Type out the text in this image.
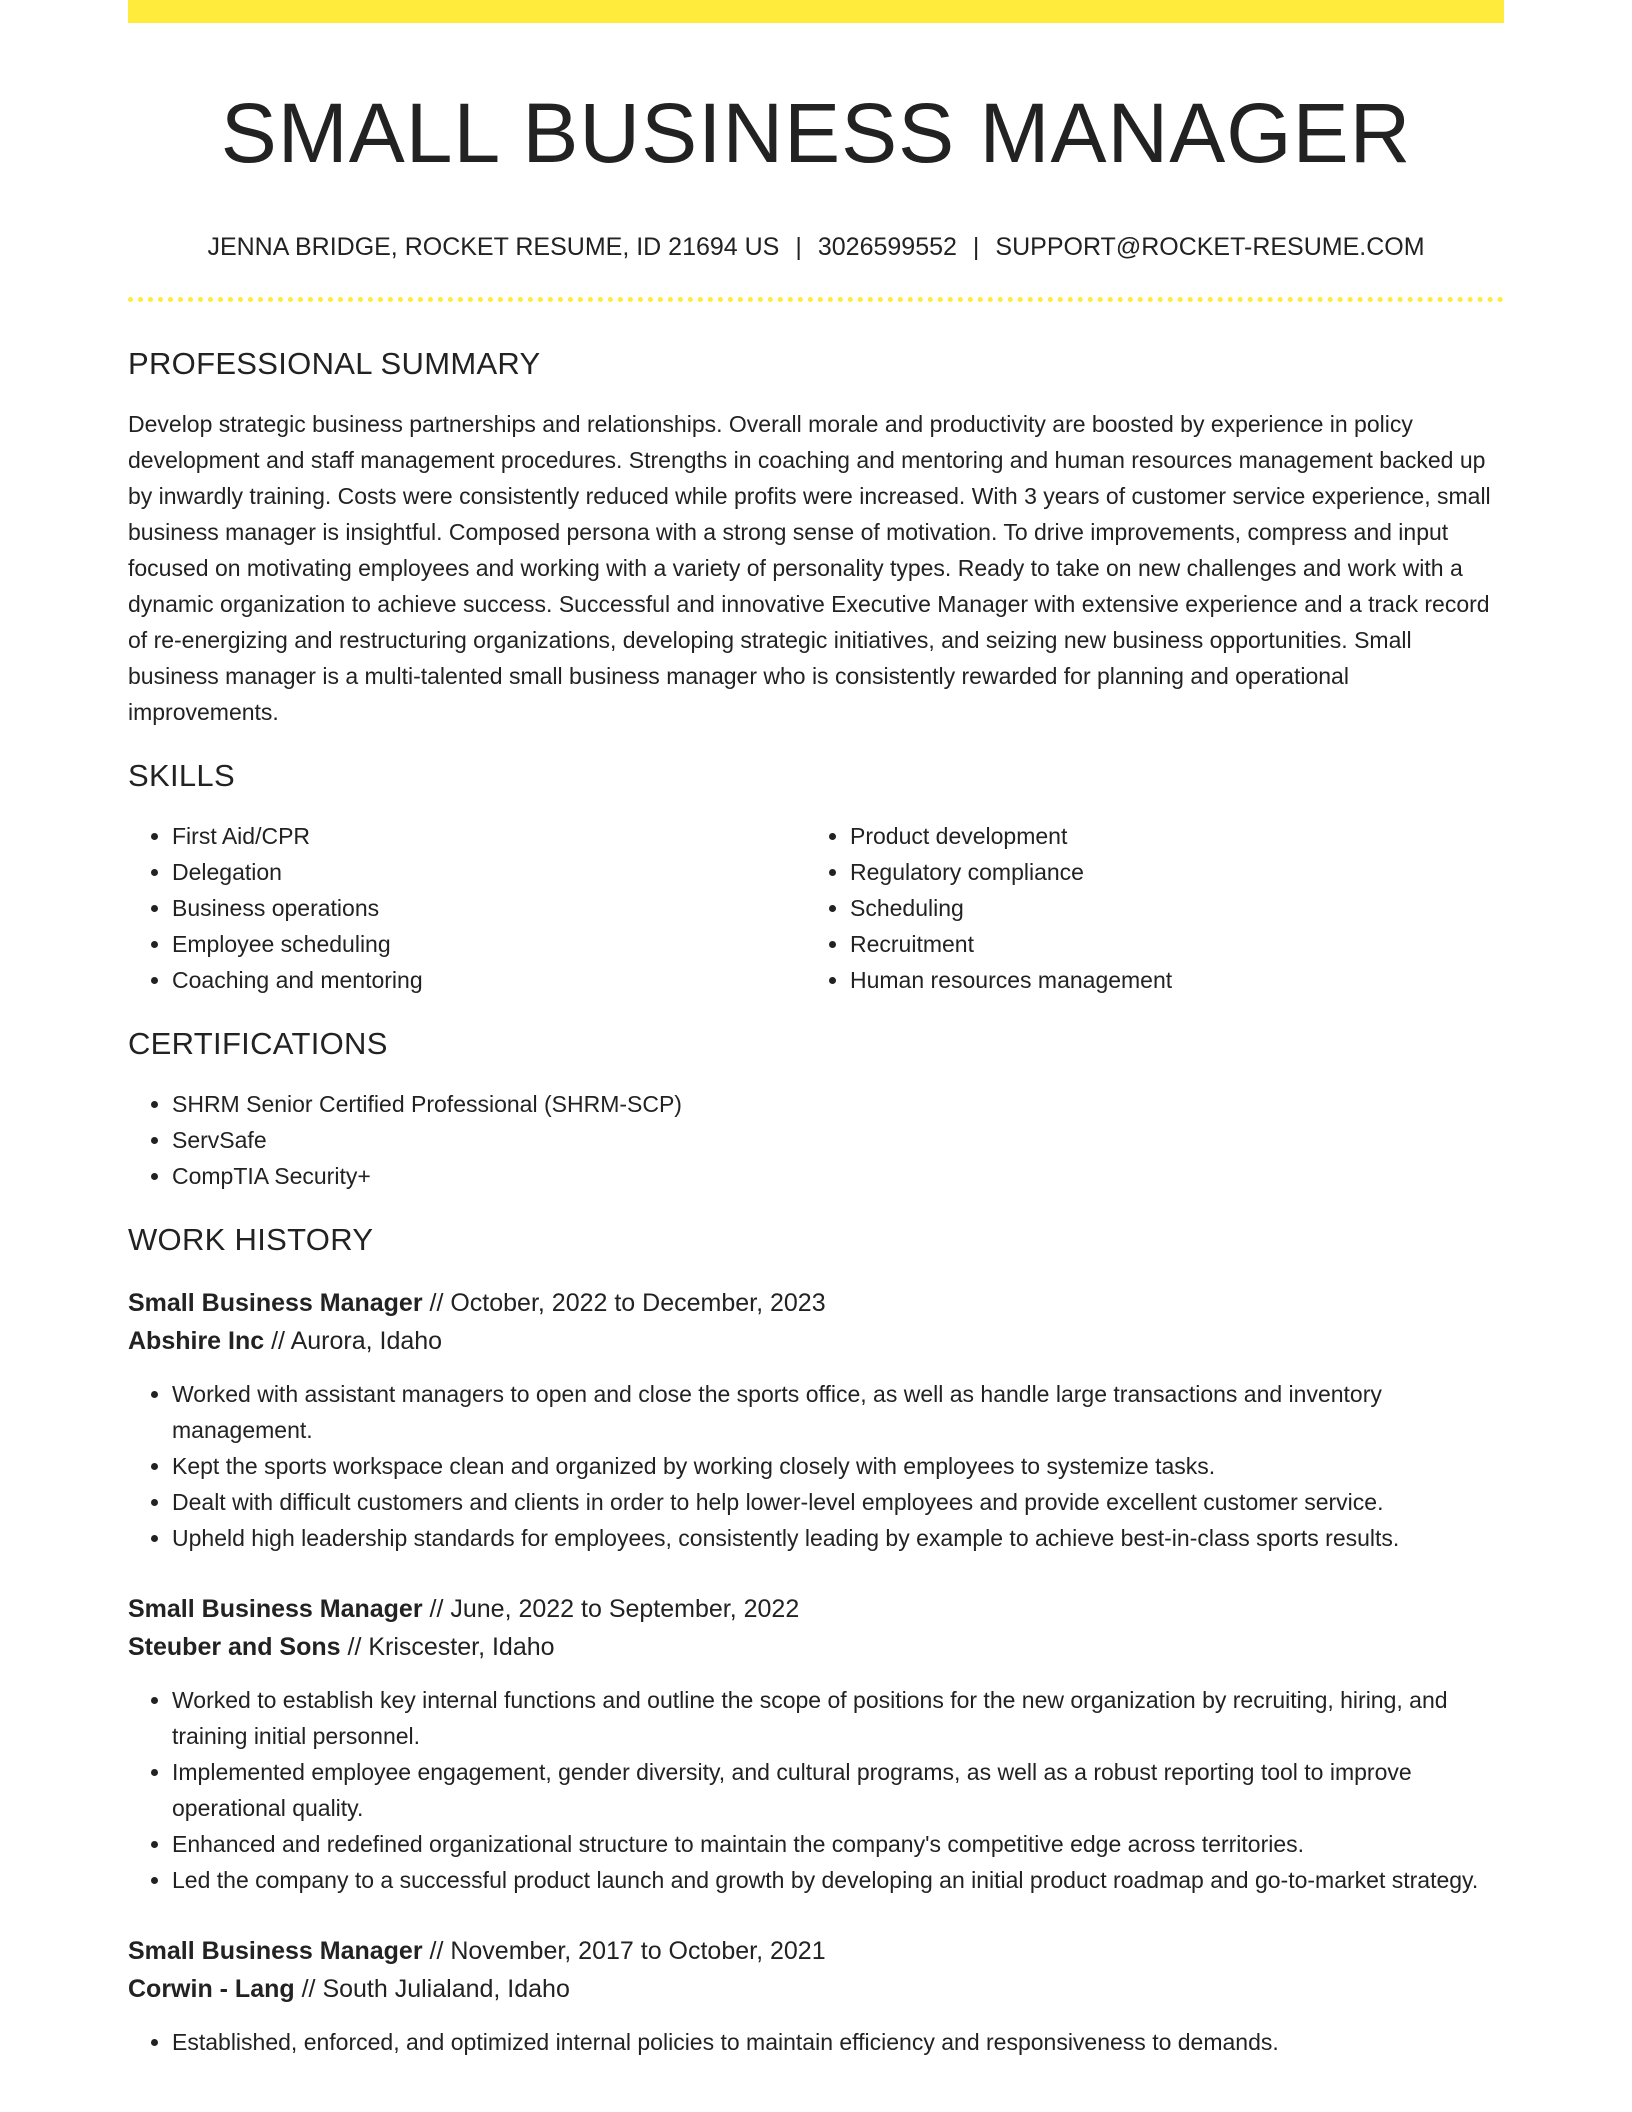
SMALL BUSINESS MANAGER
JENNA BRIDGE, ROCKET RESUME, ID 21694 US | 3026599552 | SUPPORT@ROCKET-RESUME.COM
PROFESSIONAL SUMMARY
Develop strategic business partnerships and relationships. Overall morale and productivity are boosted by experience in policy development and staff management procedures. Strengths in coaching and mentoring and human resources management backed up by inwardly training. Costs were consistently reduced while profits were increased. With 3 years of customer service experience, small business manager is insightful. Composed persona with a strong sense of motivation. To drive improvements, compress and input focused on motivating employees and working with a variety of personality types. Ready to take on new challenges and work with a dynamic organization to achieve success. Successful and innovative Executive Manager with extensive experience and a track record of re-energizing and restructuring organizations, developing strategic initiatives, and seizing new business opportunities. Small business manager is a multi-talented small business manager who is consistently rewarded for planning and operational improvements.
SKILLS
• First Aid/CPR
• Delegation
• Business operations
• Employee scheduling
• Coaching and mentoring
• Product development
• Regulatory compliance
• Scheduling
• Recruitment
• Human resources management
CERTIFICATIONS
• SHRM Senior Certified Professional (SHRM-SCP)
• ServSafe
• CompTIA Security+
WORK HISTORY
Small Business Manager // October, 2022 to December, 2023
Abshire Inc // Aurora, Idaho
• Worked with assistant managers to open and close the sports office, as well as handle large transactions and inventory management.
• Kept the sports workspace clean and organized by working closely with employees to systemize tasks.
• Dealt with difficult customers and clients in order to help lower-level employees and provide excellent customer service.
• Upheld high leadership standards for employees, consistently leading by example to achieve best-in-class sports results.
Small Business Manager // June, 2022 to September, 2022
Steuber and Sons // Kriscester, Idaho
• Worked to establish key internal functions and outline the scope of positions for the new organization by recruiting, hiring, and training initial personnel.
• Implemented employee engagement, gender diversity, and cultural programs, as well as a robust reporting tool to improve operational quality.
• Enhanced and redefined organizational structure to maintain the company's competitive edge across territories.
• Led the company to a successful product launch and growth by developing an initial product roadmap and go-to-market strategy.
Small Business Manager // November, 2017 to October, 2021
Corwin - Lang // South Julialand, Idaho
• Established, enforced, and optimized internal policies to maintain efficiency and responsiveness to demands.
